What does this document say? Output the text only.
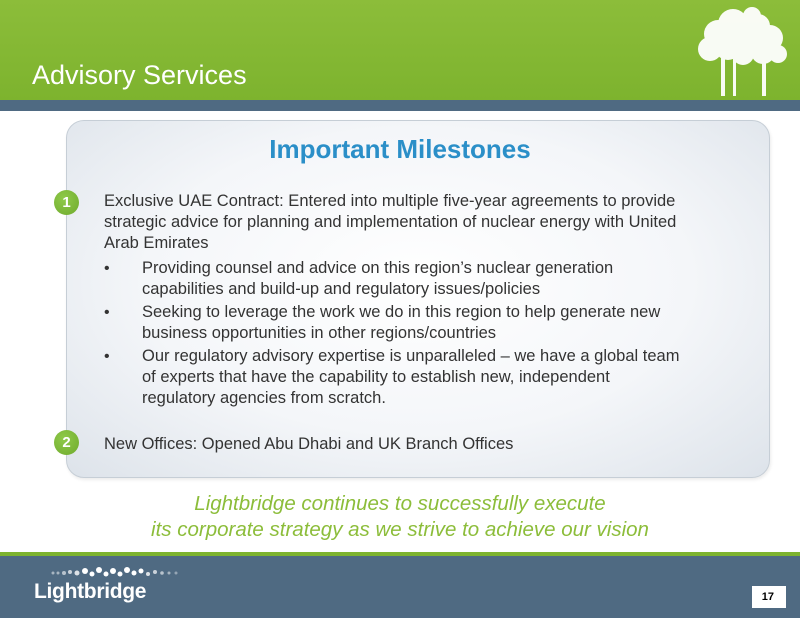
Advisory Services
Important Milestones
1	Exclusive UAE Contract: Entered into multiple five-year agreements to provide
strategic advice for planning and implementation of nuclear energy with United
Arab Emirates
• Providing counsel and advice on this region’s nuclear generation
capabilities and build-up and regulatory issues/policies
• Seeking to leverage the work we do in this region to help generate new
business opportunities in other regions/countries
• Our regulatory advisory expertise is unparalleled – we have a global team
of experts that have the capability to establish new, independent
regulatory agencies from scratch.
2	New Offices: Opened Abu Dhabi and UK Branch Offices
Lightbridge continues to successfully execute
its corporate strategy as we strive to achieve our vision
Lightbridge	17
